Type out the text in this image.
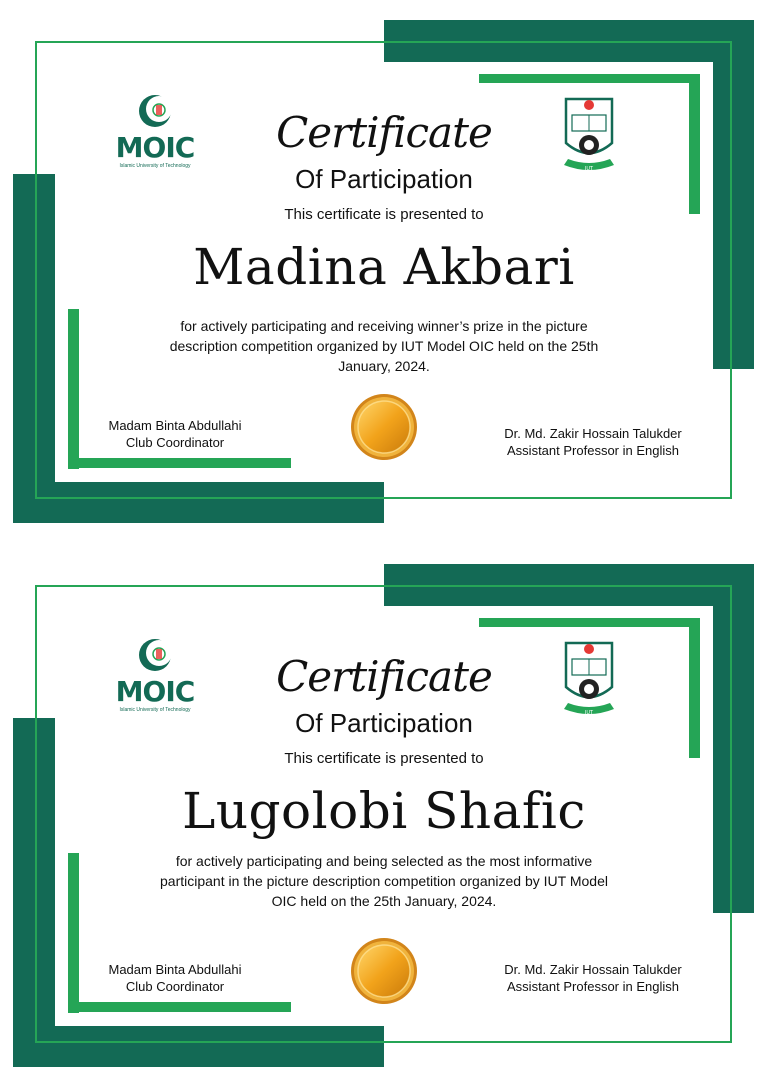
MOIC
Islamic University of Technology	IUT
Certificate
Of Participation
This certificate is presented to
Madina Akbari
for actively participating and receiving winner’s prize in the picture
description competition organized by IUT Model OIC held on the 25th
January, 2024.
Madam Binta Abdullahi
Club Coordinator
Dr. Md. Zakir Hossain Talukder
Assistant Professor in English
MOIC
Islamic University of Technology	IUT
Certificate
Of Participation
This certificate is presented to
Lugolobi Shafic
for actively participating and being selected as the most informative
participant in the picture description competition organized by IUT Model
OIC held on the 25th January, 2024.
Madam Binta Abdullahi
Club Coordinator
Dr. Md. Zakir Hossain Talukder
Assistant Professor in English
